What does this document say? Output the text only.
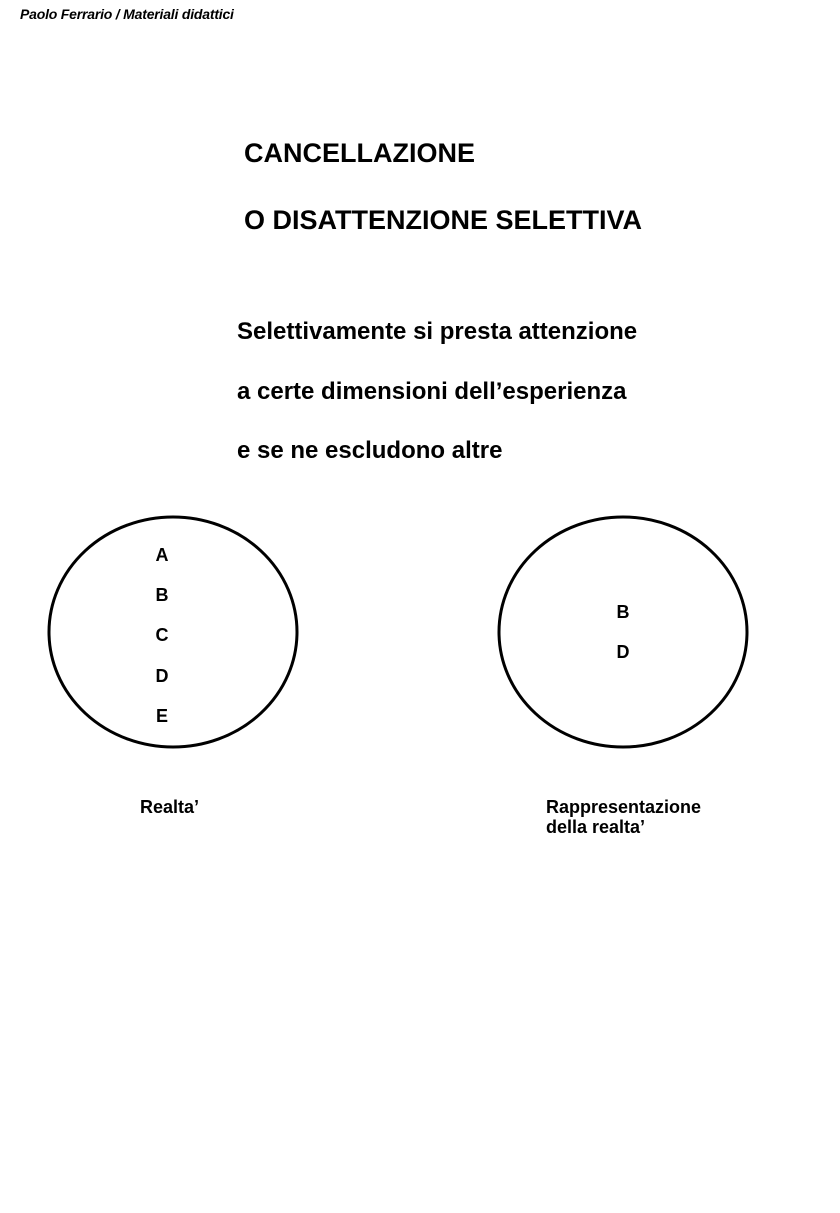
Paolo Ferrario / Materiali didattici
CANCELLAZIONE
O DISATTENZIONE SELETTIVA
Selettivamente si presta attenzione
a certe dimensioni dell’esperienza
e se ne escludono altre
A
B
C
D
E
B
D
Realta’	Rappresentazione
della realta’
